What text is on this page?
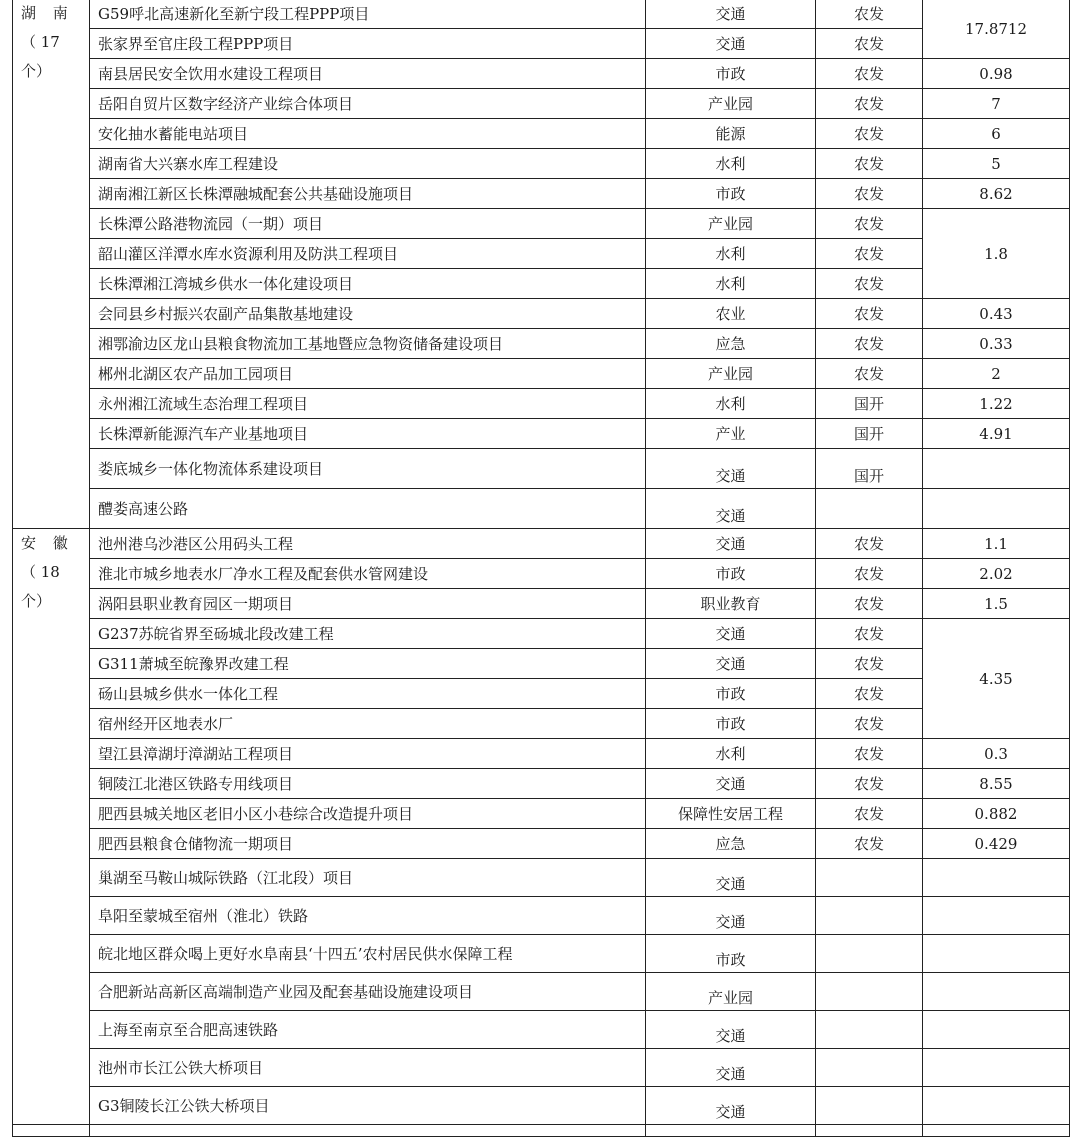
湖 南
（ 17
个）	G59呼北高速新化至新宁段工程PPP项目	交通	农发	17.8712
	张家界至官庄段工程PPP项目	交通	农发	
	南县居民安全饮用水建设工程项目	市政	农发	0.98
	岳阳自贸片区数字经济产业综合体项目	产业园	农发	7
	安化抽水蓄能电站项目	能源	农发	6
	湖南省大兴寨水库工程建设	水利	农发	5
	湖南湘江新区长株潭融城配套公共基础设施项目	市政	农发	8.62
	长株潭公路港物流园（一期）项目	产业园	农发	1.8
	韶山灌区洋潭水库水资源利用及防洪工程项目	水利	农发	
	长株潭湘江湾城乡供水一体化建设项目	水利	农发	
	会同县乡村振兴农副产品集散基地建设	农业	农发	0.43
	湘鄂渝边区龙山县粮食物流加工基地暨应急物资储备建设项目	应急	农发	0.33
	郴州北湖区农产品加工园项目	产业园	农发	2
	永州湘江流域生态治理工程项目	水利	国开	1.22
	长株潭新能源汽车产业基地项目	产业	国开	4.91
	娄底城乡一体化物流体系建设项目	交通	国开	
	醴娄高速公路	交通		

安 徽
（ 18
个）	池州港乌沙港区公用码头工程	交通	农发	1.1
	淮北市城乡地表水厂净水工程及配套供水管网建设	市政	农发	2.02
	涡阳县职业教育园区一期项目	职业教育	农发	1.5
	G237苏皖省界至砀城北段改建工程	交通	农发	4.35
	G311萧城至皖豫界改建工程	交通	农发	
	砀山县城乡供水一体化工程	市政	农发	
	宿州经开区地表水厂	市政	农发	
	望江县漳湖圩漳湖站工程项目	水利	农发	0.3
	铜陵江北港区铁路专用线项目	交通	农发	8.55
	肥西县城关地区老旧小区小巷综合改造提升项目	保障性安居工程	农发	0.882
	肥西县粮食仓储物流一期项目	应急	农发	0.429
	巢湖至马鞍山城际铁路（江北段）项目	交通		
	阜阳至蒙城至宿州（淮北）铁路	交通		
	皖北地区群众喝上更好水阜南县‘十四五’农村居民供水保障工程	市政		
	合肥新站高新区高端制造产业园及配套基础设施建设项目	产业园		
	上海至南京至合肥高速铁路	交通		
	池州市长江公铁大桥项目	交通		
	G3铜陵长江公铁大桥项目	交通		
